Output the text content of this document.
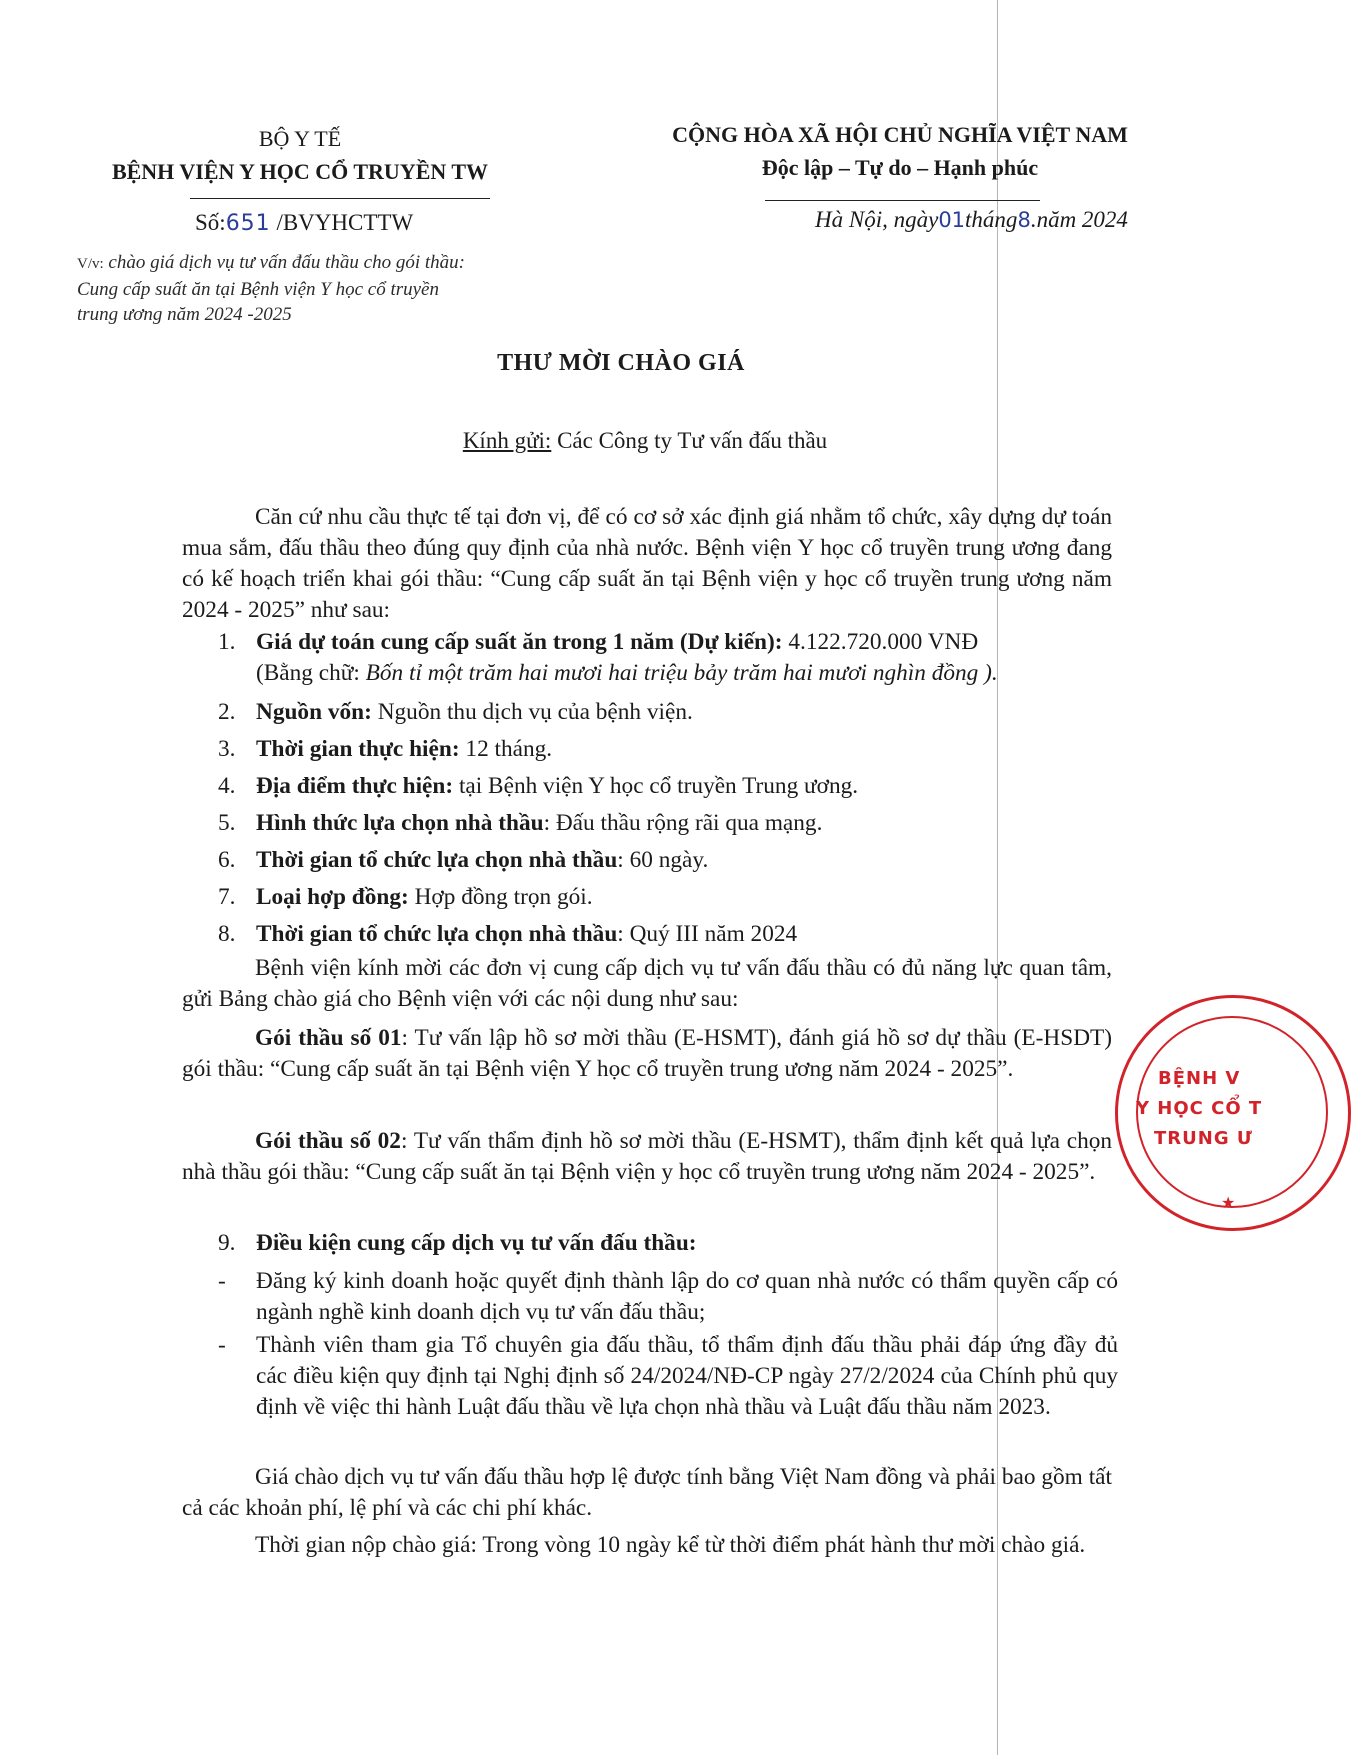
BỘ Y TẾ
BỆNH VIỆN Y HỌC CỔ TRUYỀN TW
CỘNG HÒA XÃ HỘI CHỦ NGHĨA VIỆT NAM
Độc lập – Tự do – Hạnh phúc
Số:651 /BVYHCTTW	Hà Nội, ngày01tháng8.năm 2024
V/v: chào giá dịch vụ tư vấn đấu thầu cho gói thầu:
Cung cấp suất ăn tại Bệnh viện Y học cổ truyền
trung ương năm 2024 -2025
THƯ MỜI CHÀO GIÁ
Kính gửi: Các Công ty Tư vấn đấu thầu
Căn cứ nhu cầu thực tế tại đơn vị, để có cơ sở xác định giá nhằm tổ chức, xây dựng dự toán mua sắm, đấu thầu theo đúng quy định của nhà nước. Bệnh viện Y học cổ truyền trung ương đang có kế hoạch triển khai gói thầu: “Cung cấp suất ăn tại Bệnh viện y học cổ truyền trung ương năm 2024 - 2025” như sau:
1. Giá dự toán cung cấp suất ăn trong 1 năm (Dự kiến): 4.122.720.000 VNĐ
(Bằng chữ: Bốn tỉ một trăm hai mươi hai triệu bảy trăm hai mươi nghìn đồng ).
2. Nguồn vốn: Nguồn thu dịch vụ của bệnh viện.
3. Thời gian thực hiện: 12 tháng.
4. Địa điểm thực hiện: tại Bệnh viện Y học cổ truyền Trung ương.
5. Hình thức lựa chọn nhà thầu: Đấu thầu rộng rãi qua mạng.
6. Thời gian tổ chức lựa chọn nhà thầu: 60 ngày.
7. Loại hợp đồng: Hợp đồng trọn gói.
8. Thời gian tổ chức lựa chọn nhà thầu: Quý III năm 2024
Bệnh viện kính mời các đơn vị cung cấp dịch vụ tư vấn đấu thầu có đủ năng lực quan tâm, gửi Bảng chào giá cho Bệnh viện với các nội dung như sau:
Gói thầu số 01: Tư vấn lập hồ sơ mời thầu (E-HSMT), đánh giá hồ sơ dự thầu (E-HSDT) gói thầu: “Cung cấp suất ăn tại Bệnh viện Y học cổ truyền trung ương năm 2024 - 2025”.
Gói thầu số 02: Tư vấn thẩm định hồ sơ mời thầu (E-HSMT), thẩm định kết quả lựa chọn nhà thầu gói thầu: “Cung cấp suất ăn tại Bệnh viện y học cổ truyền trung ương năm 2024 - 2025”.
9. Điều kiện cung cấp dịch vụ tư vấn đấu thầu:
- Đăng ký kinh doanh hoặc quyết định thành lập do cơ quan nhà nước có thẩm quyền cấp có ngành nghề kinh doanh dịch vụ tư vấn đấu thầu;
- Thành viên tham gia Tổ chuyên gia đấu thầu, tổ thẩm định đấu thầu phải đáp ứng đầy đủ các điều kiện quy định tại Nghị định số 24/2024/NĐ-CP ngày 27/2/2024 của Chính phủ quy định về việc thi hành Luật đấu thầu về lựa chọn nhà thầu và Luật đấu thầu năm 2023.
Giá chào dịch vụ tư vấn đấu thầu hợp lệ được tính bằng Việt Nam đồng và phải bao gồm tất cả các khoản phí, lệ phí và các chi phí khác.
Thời gian nộp chào giá: Trong vòng 10 ngày kể từ thời điểm phát hành thư mời chào giá.
BỆNH V
Y HỌC CỔ T
TRUNG Ư
★
